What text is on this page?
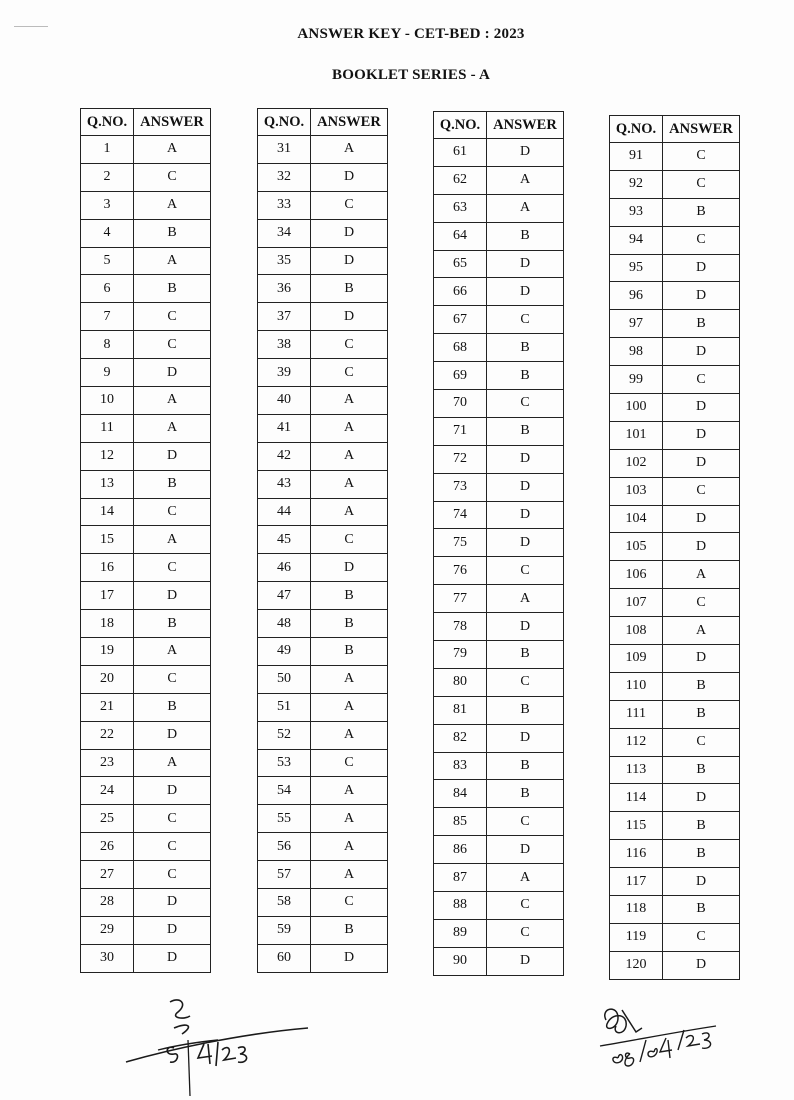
ANSWER KEY - CET-BED : 2023
BOOKLET SERIES - A
Q.NO.	ANSWER
1	A
2	C
3	A
4	B
5	A
6	B
7	C
8	C
9	D
10	A
11	A
12	D
13	B
14	C
15	A
16	C
17	D
18	B
19	A
20	C
21	B
22	D
23	A
24	D
25	C
26	C
27	C
28	D
29	D
30	D
Q.NO.	ANSWER
31	A
32	D
33	C
34	D
35	D
36	B
37	D
38	C
39	C
40	A
41	A
42	A
43	A
44	A
45	C
46	D
47	B
48	B
49	B
50	A
51	A
52	A
53	C
54	A
55	A
56	A
57	A
58	C
59	B
60	D
Q.NO.	ANSWER
61	D
62	A
63	A
64	B
65	D
66	D
67	C
68	B
69	B
70	C
71	B
72	D
73	D
74	D
75	D
76	C
77	A
78	D
79	B
80	C
81	B
82	D
83	B
84	B
85	C
86	D
87	A
88	C
89	C
90	D
Q.NO.	ANSWER
91	C
92	C
93	B
94	C
95	D
96	D
97	B
98	D
99	C
100	D
101	D
102	D
103	C
104	D
105	D
106	A
107	C
108	A
109	D
110	B
111	B
112	C
113	B
114	D
115	B
116	B
117	D
118	B
119	C
120	D
